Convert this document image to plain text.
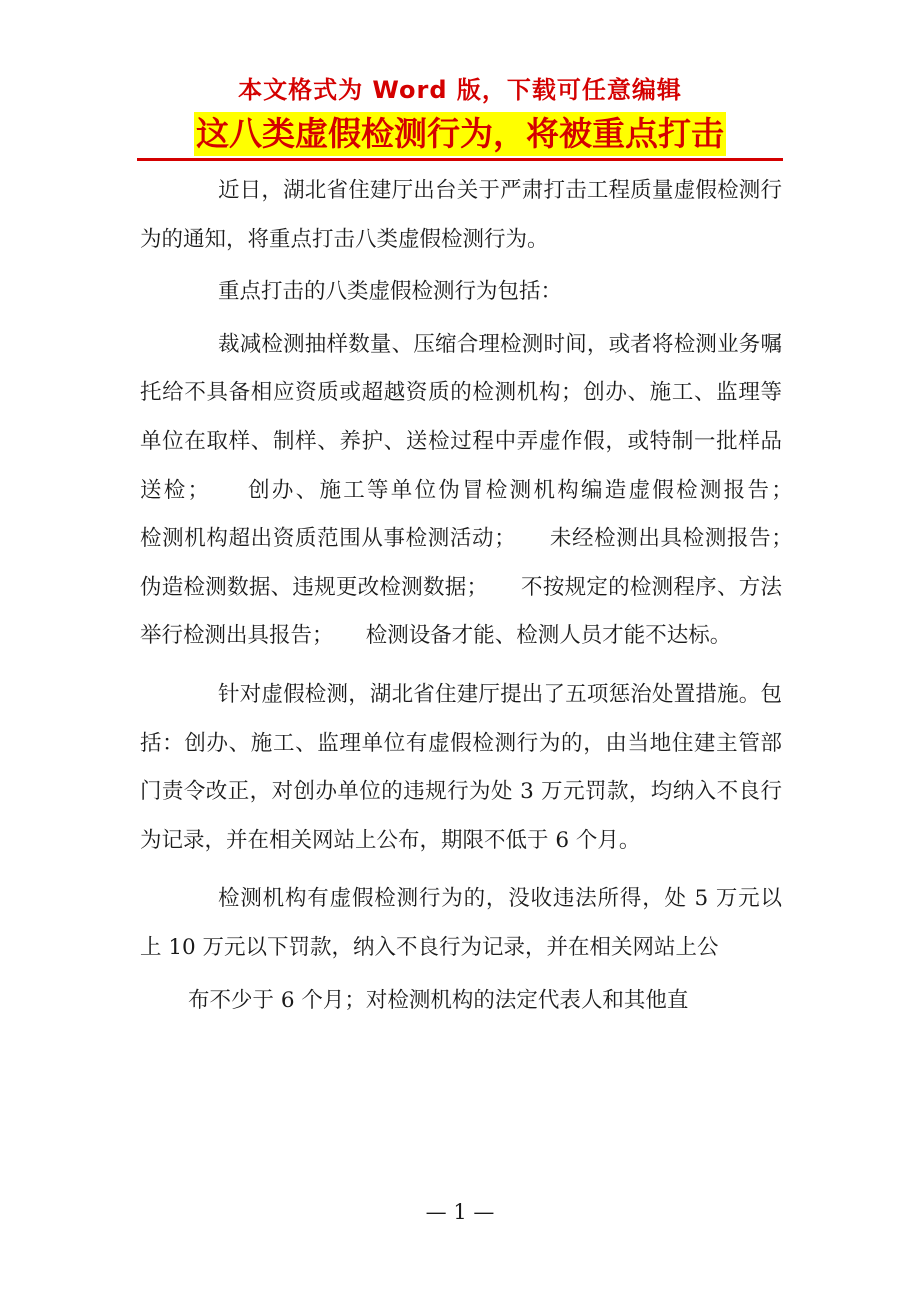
本文格式为 Word 版，下载可任意编辑
这八类虚假检测行为，将被重点打击

近日，湖北省住建厅出台关于严肃打击工程质量虚假检测行为的通知，将重点打击八类虚假检测行为。

重点打击的八类虚假检测行为包括：

裁减检测抽样数量、压缩合理检测时间，或者将检测业务嘱托给不具备相应资质或超越资质的检测机构；创办、施工、监理等单位在取样、制样、养护、送检过程中弄虚作假，或特制一批样品送检；　　创办、施工等单位伪冒检测机构编造虚假检测报告；　　检测机构超出资质范围从事检测活动；　　未经检测出具检测报告；　　伪造检测数据、违规更改检测数据；　　不按规定的检测程序、方法举行检测出具报告；　　检测设备才能、检测人员才能不达标。

针对虚假检测，湖北省住建厅提出了五项惩治处置措施。包括：创办、施工、监理单位有虚假检测行为的，由当地住建主管部门责令改正，对创办单位的违规行为处 3 万元罚款，均纳入不良行为记录，并在相关网站上公布，期限不低于 6 个月。

检测机构有虚假检测行为的，没收违法所得，处 5 万元以上 10 万元以下罚款，纳入不良行为记录，并在相关网站上公

布不少于 6 个月；对检测机构的法定代表人和其他直

— 1 —
